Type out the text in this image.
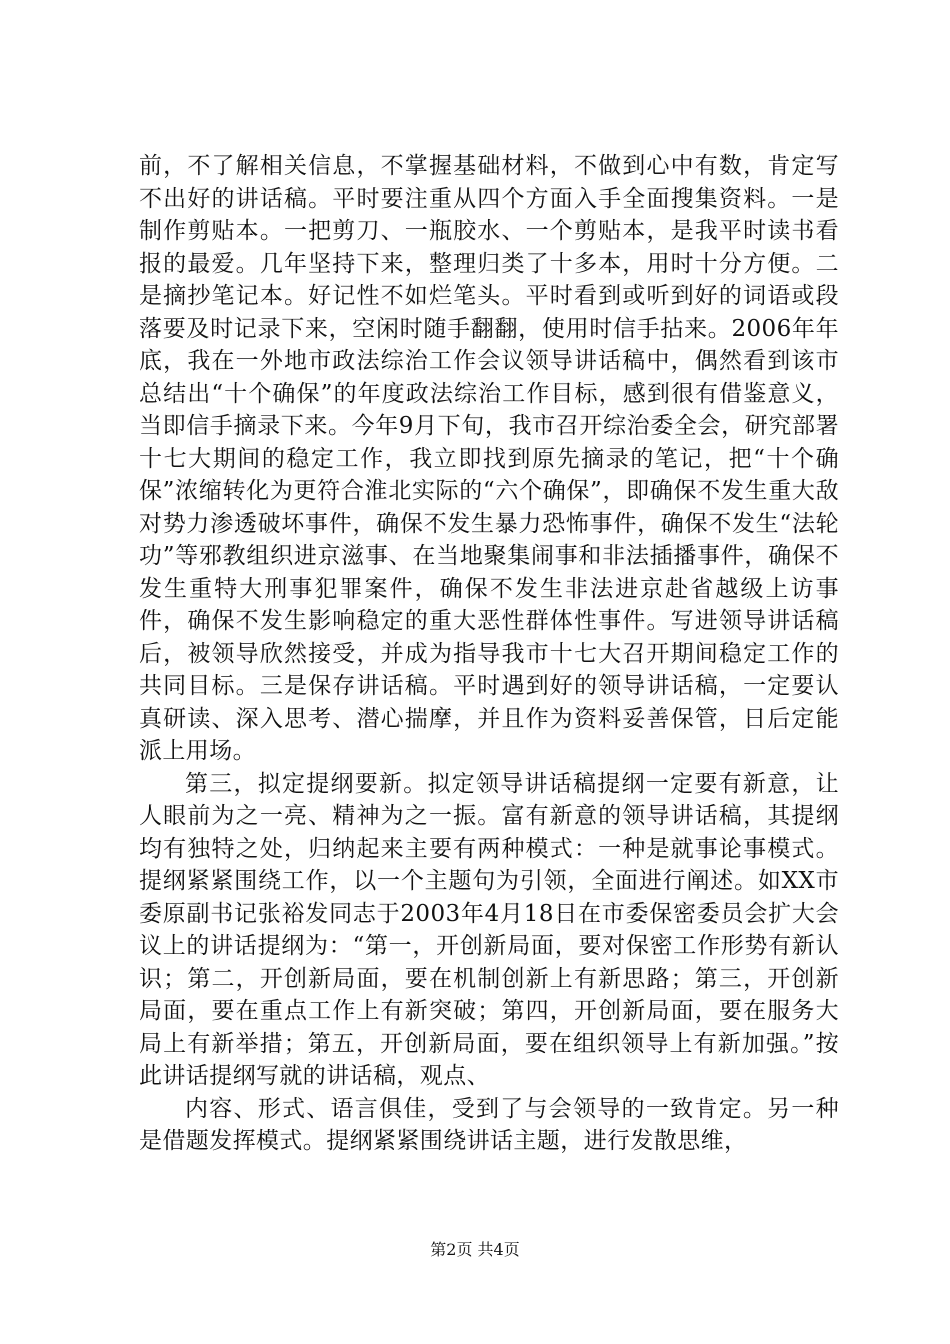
前，不了解相关信息，不掌握基础材料，不做到心中有数，肯定写不出好的讲话稿。平时要注重从四个方面入手全面搜集资料。一是制作剪贴本。一把剪刀、一瓶胶水、一个剪贴本，是我平时读书看报的最爱。几年坚持下来，整理归类了十多本，用时十分方便。二是摘抄笔记本。好记性不如烂笔头。平时看到或听到好的词语或段落要及时记录下来，空闲时随手翻翻，使用时信手拈来。2006年年底，我在一外地市政法综治工作会议领导讲话稿中，偶然看到该市总结出“十个确保”的年度政法综治工作目标，感到很有借鉴意义，当即信手摘录下来。今年9月下旬，我市召开综治委全会，研究部署十七大期间的稳定工作，我立即找到原先摘录的笔记，把“十个确保”浓缩转化为更符合淮北实际的“六个确保”，即确保不发生重大敌对势力渗透破坏事件，确保不发生暴力恐怖事件，确保不发生“法轮功”等邪教组织进京滋事、在当地聚集闹事和非法插播事件，确保不发生重特大刑事犯罪案件，确保不发生非法进京赴省越级上访事件，确保不发生影响稳定的重大恶性群体性事件。写进领导讲话稿后，被领导欣然接受，并成为指导我市十七大召开期间稳定工作的共同目标。三是保存讲话稿。平时遇到好的领导讲话稿，一定要认真研读、深入思考、潜心揣摩，并且作为资料妥善保管，日后定能派上用场。

第三，拟定提纲要新。拟定领导讲话稿提纲一定要有新意，让人眼前为之一亮、精神为之一振。富有新意的领导讲话稿，其提纲均有独特之处，归纳起来主要有两种模式：一种是就事论事模式。提纲紧紧围绕工作，以一个主题句为引领，全面进行阐述。如XX市委原副书记张裕发同志于2003年4月18日在市委保密委员会扩大会议上的讲话提纲为：“第一，开创新局面，要对保密工作形势有新认识；第二，开创新局面，要在机制创新上有新思路；第三，开创新局面，要在重点工作上有新突破；第四，开创新局面，要在服务大局上有新举措；第五，开创新局面，要在组织领导上有新加强。”按此讲话提纲写就的讲话稿，观点、

内容、形式、语言俱佳，受到了与会领导的一致肯定。另一种是借题发挥模式。提纲紧紧围绕讲话主题，进行发散思维，

第2页 共4页
